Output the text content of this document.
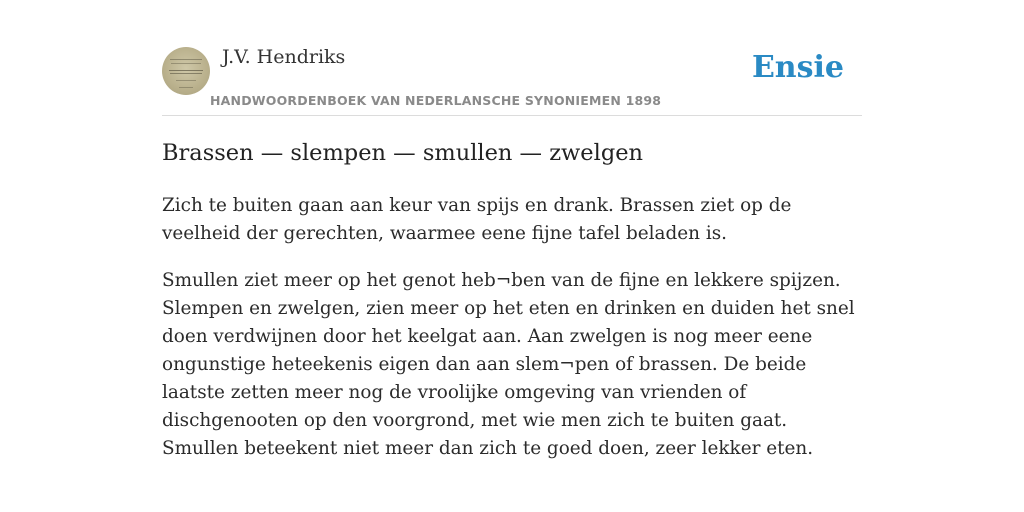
J.V. Hendriks
HANDWOORDENBOEK VAN NEDERLANSCHE SYNONIEMEN 1898
Ensie
Brassen — slempen — smullen — zwelgen

Zich te buiten gaan aan keur van spijs en drank. Brassen ziet op de veelheid der gerechten, waarmee eene fijne tafel beladen is.

Smullen ziet meer op het genot heb¬ben van de fijne en lekkere spijzen. Slempen en zwelgen, zien meer op het eten en drinken en duiden het snel doen verdwijnen door het keelgat aan. Aan zwelgen is nog meer eene ongunstige heteekenis eigen dan aan slem¬pen of brassen. De beide laatste zetten meer nog de vroolijke omgeving van vrienden of dischgenooten op den voorgrond, met wie men zich te buiten gaat. Smullen beteekent niet meer dan zich te goed doen, zeer lekker eten.
